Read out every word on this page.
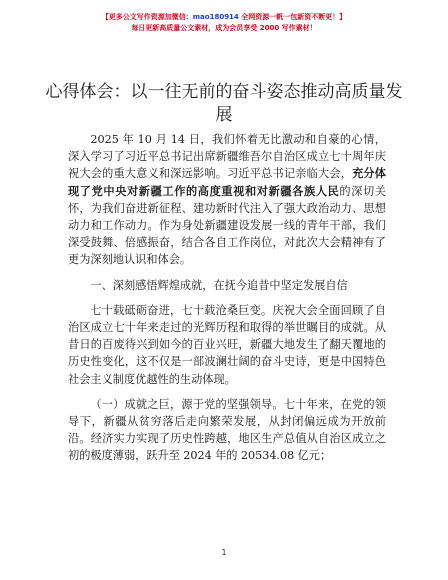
【更多公文写作资源加微信：mao180914 全网资源一帆一包新资不断更！】
每日更新高质量公文素材，成为会员享受 2000 写作素材！
心得体会：以一往无前的奋斗姿态推动高质量发展

2025 年 10 月 14 日，我们怀着无比激动和自豪的心情，深入学习了习近平总书记出席新疆维吾尔自治区成立七十周年庆祝大会的重大意义和深远影响。习近平总书记亲临大会，充分体现了党中央对新疆工作的高度重视和对新疆各族人民的深切关怀，为我们奋进新征程、建功新时代注入了强大政治动力、思想动力和工作动力。作为身处新疆建设发展一线的青年干部，我们深受鼓舞、倍感振奋，结合各自工作岗位，对此次大会精神有了更为深刻地认识和体会。

一、深刻感悟辉煌成就，在抚今追昔中坚定发展自信

七十载砥砺奋进，七十载沧桑巨变。庆祝大会全面回顾了自治区成立七十年来走过的光辉历程和取得的举世瞩目的成就。从昔日的百废待兴到如今的百业兴旺，新疆大地发生了翻天覆地的历史性变化，这不仅是一部波澜壮阔的奋斗史诗，更是中国特色社会主义制度优越性的生动体现。

（一）成就之巨，源于党的坚强领导。七十年来，在党的领导下，新疆从贫穷落后走向繁荣发展，从封闭偏远成为开放前沿。经济实力实现了历史性跨越，地区生产总值从自治区成立之初的极度薄弱，跃升至 2024 年的 20534.08 亿元；

1
